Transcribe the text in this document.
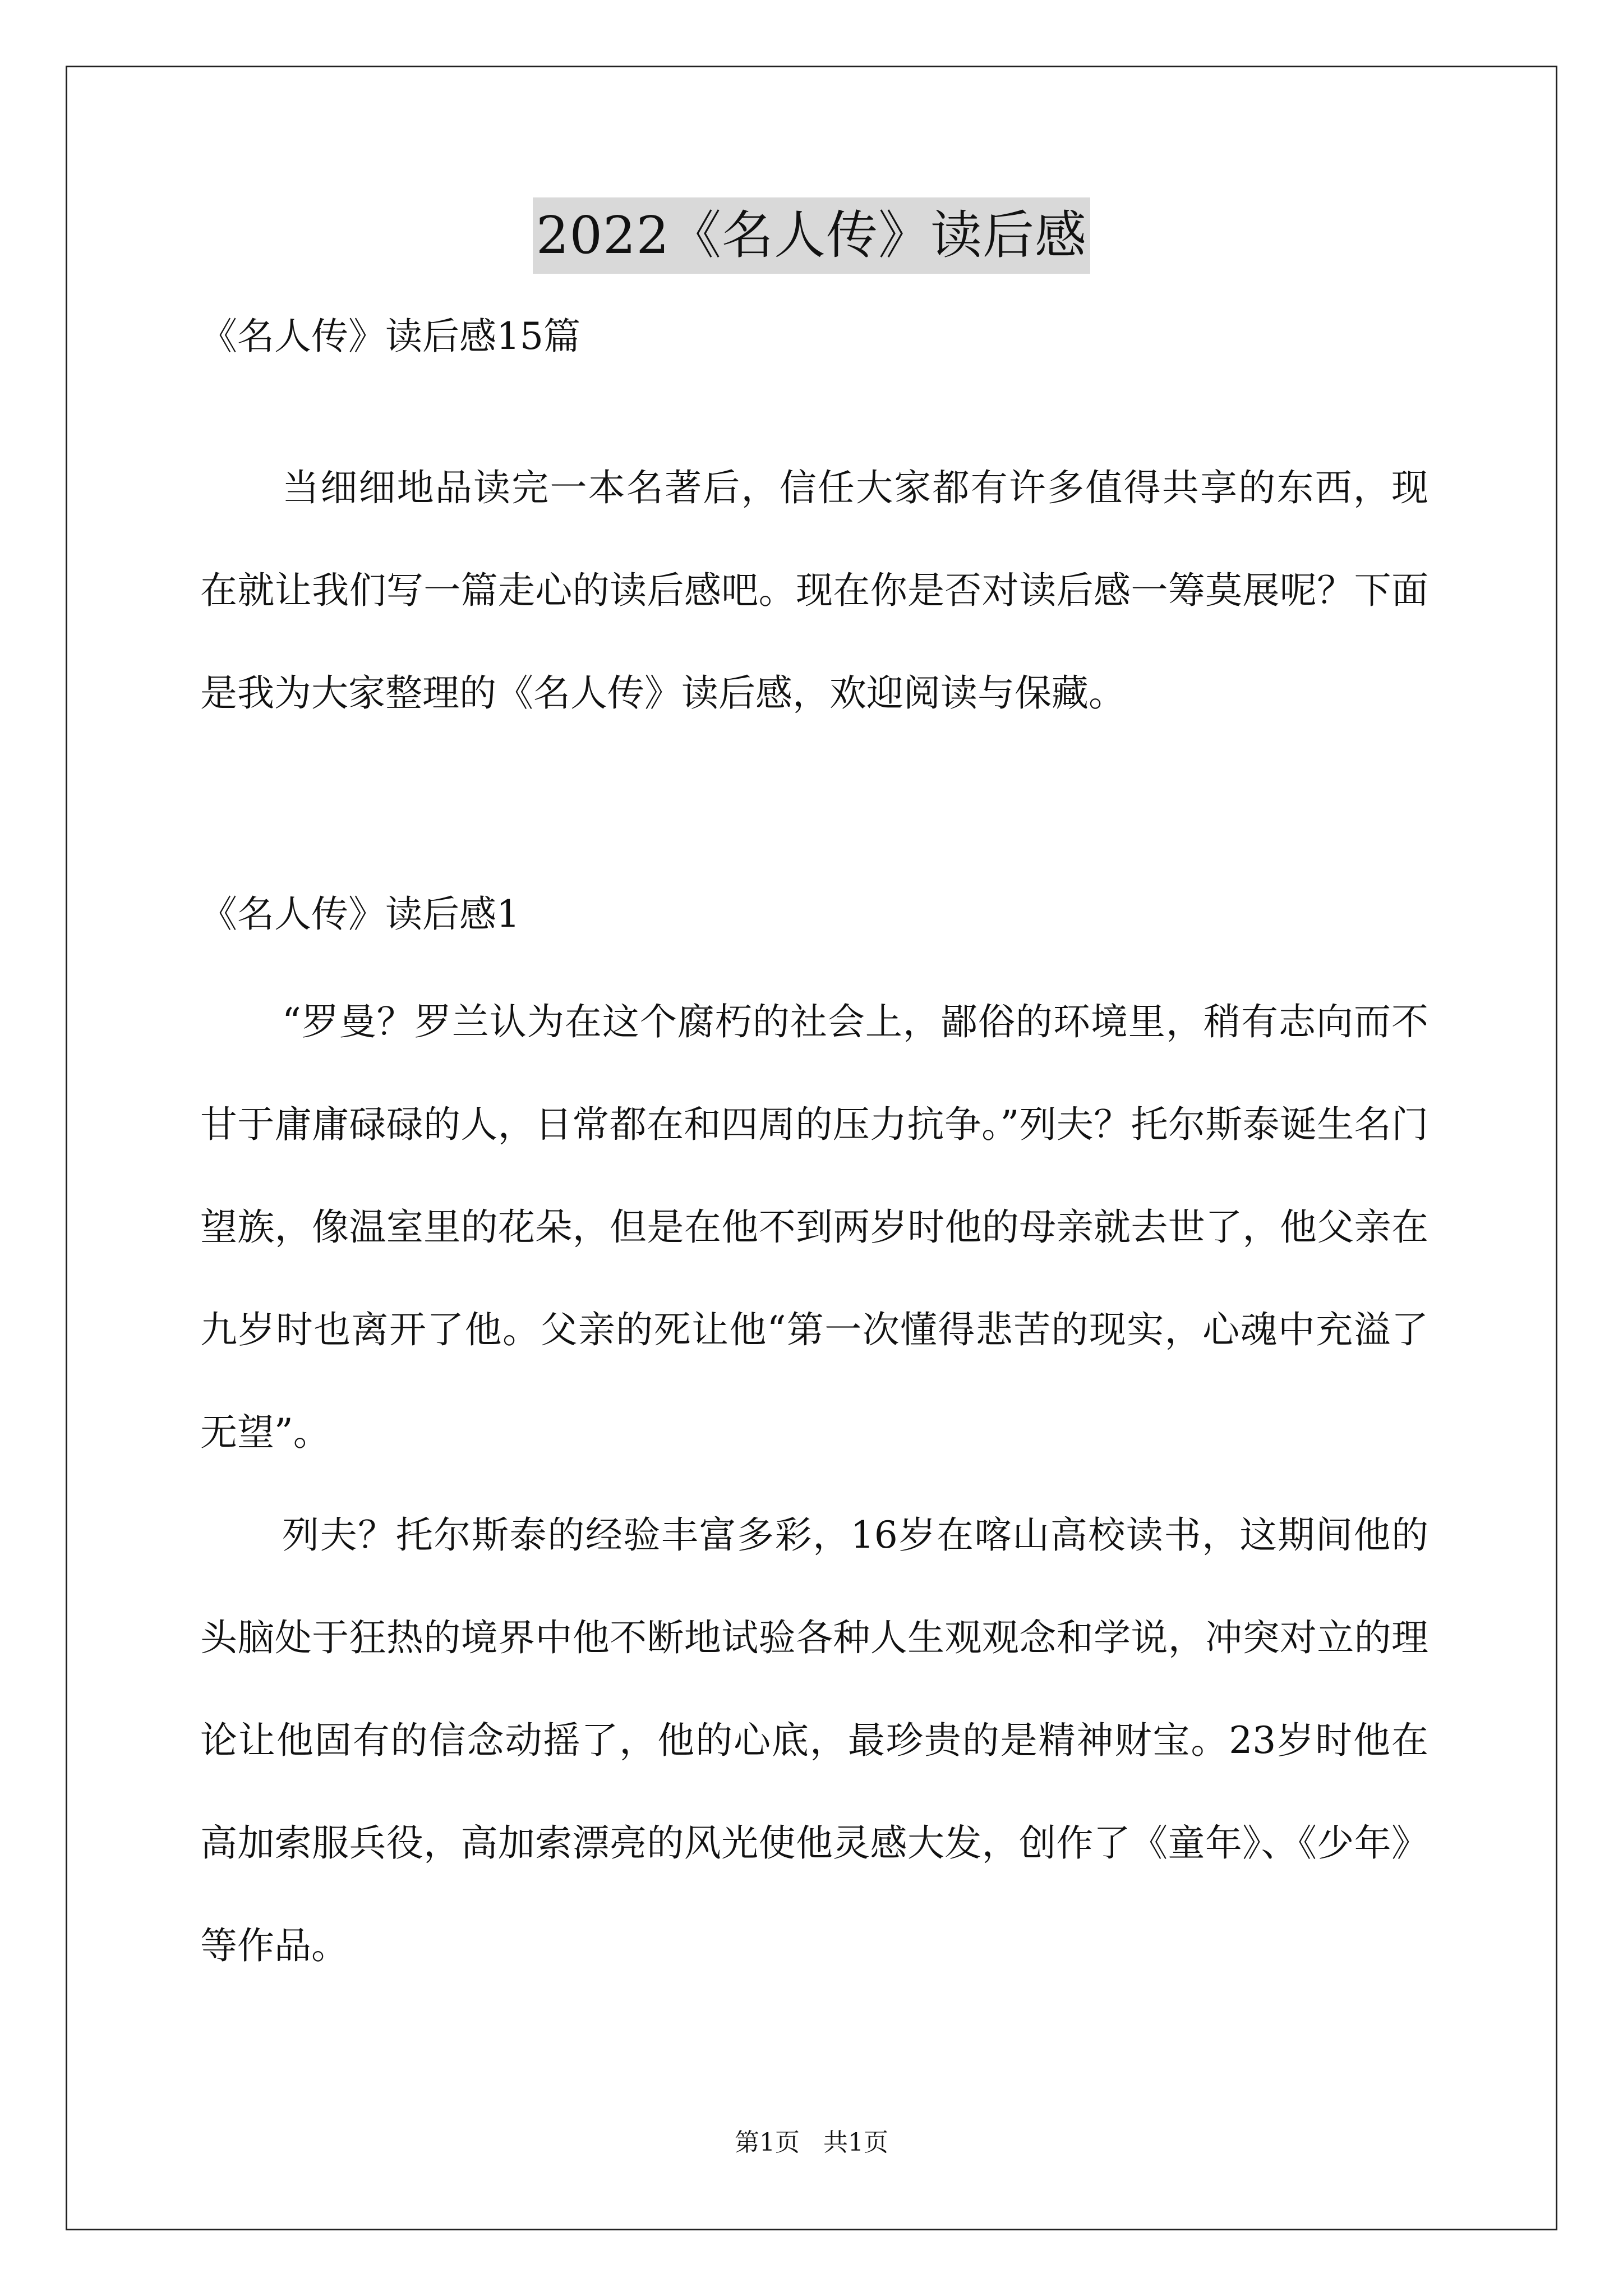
2022《名人传》读后感
《名人传》读后感15篇

当细细地品读完一本名著后，信任大家都有许多值得共享的东西，现在就让我们写一篇走心的读后感吧。现在你是否对读后感一筹莫展呢？下面是我为大家整理的《名人传》读后感，欢迎阅读与保藏。

《名人传》读后感1

“罗曼？罗兰认为在这个腐朽的社会上，鄙俗的环境里，稍有志向而不甘于庸庸碌碌的人，日常都在和四周的压力抗争。”列夫？托尔斯泰诞生名门望族，像温室里的花朵，但是在他不到两岁时他的母亲就去世了，他父亲在九岁时也离开了他。父亲的死让他“第一次懂得悲苦的现实，心魂中充溢了无望”。

列夫？托尔斯泰的经验丰富多彩，16岁在喀山高校读书，这期间他的头脑处于狂热的境界中他不断地试验各种人生观观念和学说，冲突对立的理论让他固有的信念动摇了，他的心底，最珍贵的是精神财宝。23岁时他在高加索服兵役，高加索漂亮的风光使他灵感大发，创作了《童年》、《少年》等作品。

第1页   共1页
